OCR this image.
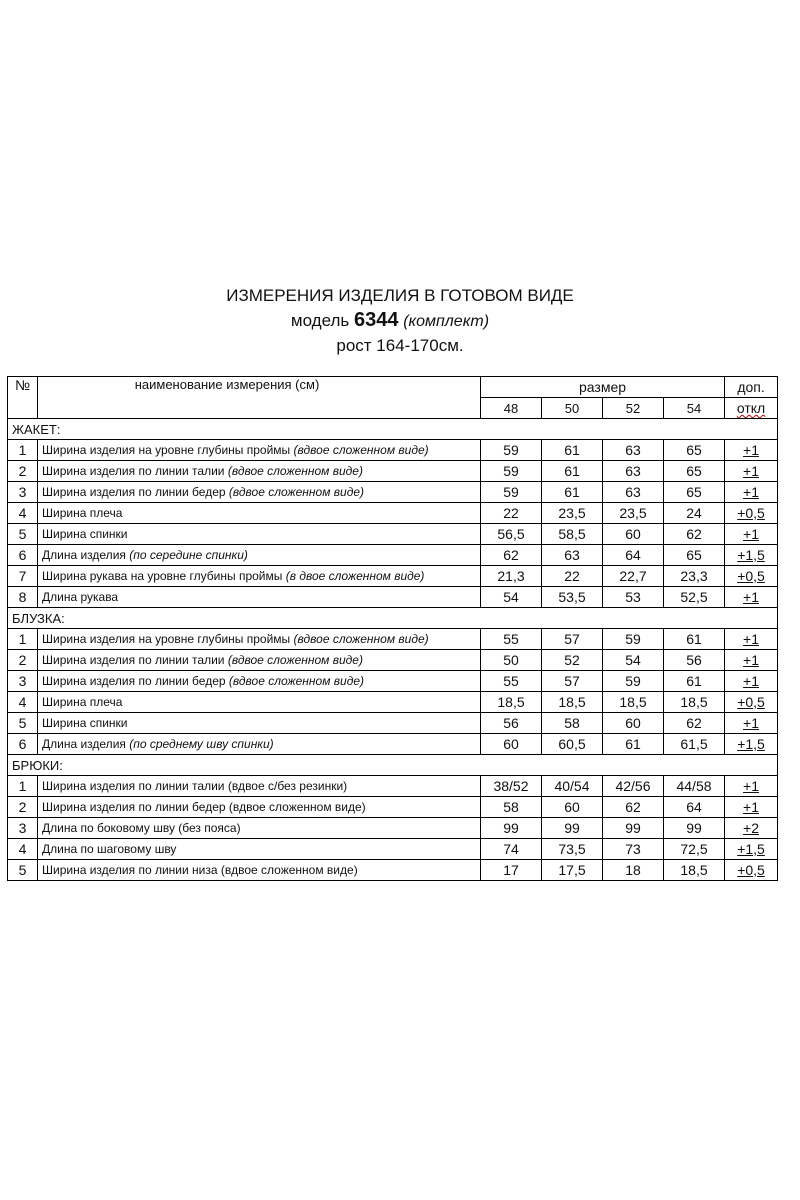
ИЗМЕРЕНИЯ ИЗДЕЛИЯ В ГОТОВОМ ВИДЕ
модель 6344 (комплект)
рост 164-170см.
№	наименование измерения (см)	размер				доп.
		48	50	52	54	откл
ЖАКЕТ:						
1	Ширина изделия на уровне глубины проймы (вдвое сложенном виде)	59	61	63	65	+1
2	Ширина изделия по линии талии (вдвое сложенном виде)	59	61	63	65	+1
3	Ширина изделия по линии бедер (вдвое сложенном виде)	59	61	63	65	+1
4	Ширина плеча	22	23,5	23,5	24	+0,5
5	Ширина спинки	56,5	58,5	60	62	+1
6	Длина изделия (по середине спинки)	62	63	64	65	+1,5
7	Ширина рукава на уровне глубины проймы (в двое сложенном виде)	21,3	22	22,7	23,3	+0,5
8	Длина рукава	54	53,5	53	52,5	+1
БЛУЗКА:						
1	Ширина изделия на уровне глубины проймы (вдвое сложенном виде)	55	57	59	61	+1
2	Ширина изделия по линии талии (вдвое сложенном виде)	50	52	54	56	+1
3	Ширина изделия по линии бедер (вдвое сложенном виде)	55	57	59	61	+1
4	Ширина плеча	18,5	18,5	18,5	18,5	+0,5
5	Ширина спинки	56	58	60	62	+1
6	Длина изделия (по среднему шву спинки)	60	60,5	61	61,5	+1,5
БРЮКИ:						
1	Ширина изделия по линии талии (вдвое с/без резинки)	38/52	40/54	42/56	44/58	+1
2	Ширина изделия по линии бедер (вдвое сложенном виде)	58	60	62	64	+1
3	Длина по боковому шву (без пояса)	99	99	99	99	+2
4	Длина по шаговому шву	74	73,5	73	72,5	+1,5
5	Ширина изделия по линии низа (вдвое сложенном виде)	17	17,5	18	18,5	+0,5
